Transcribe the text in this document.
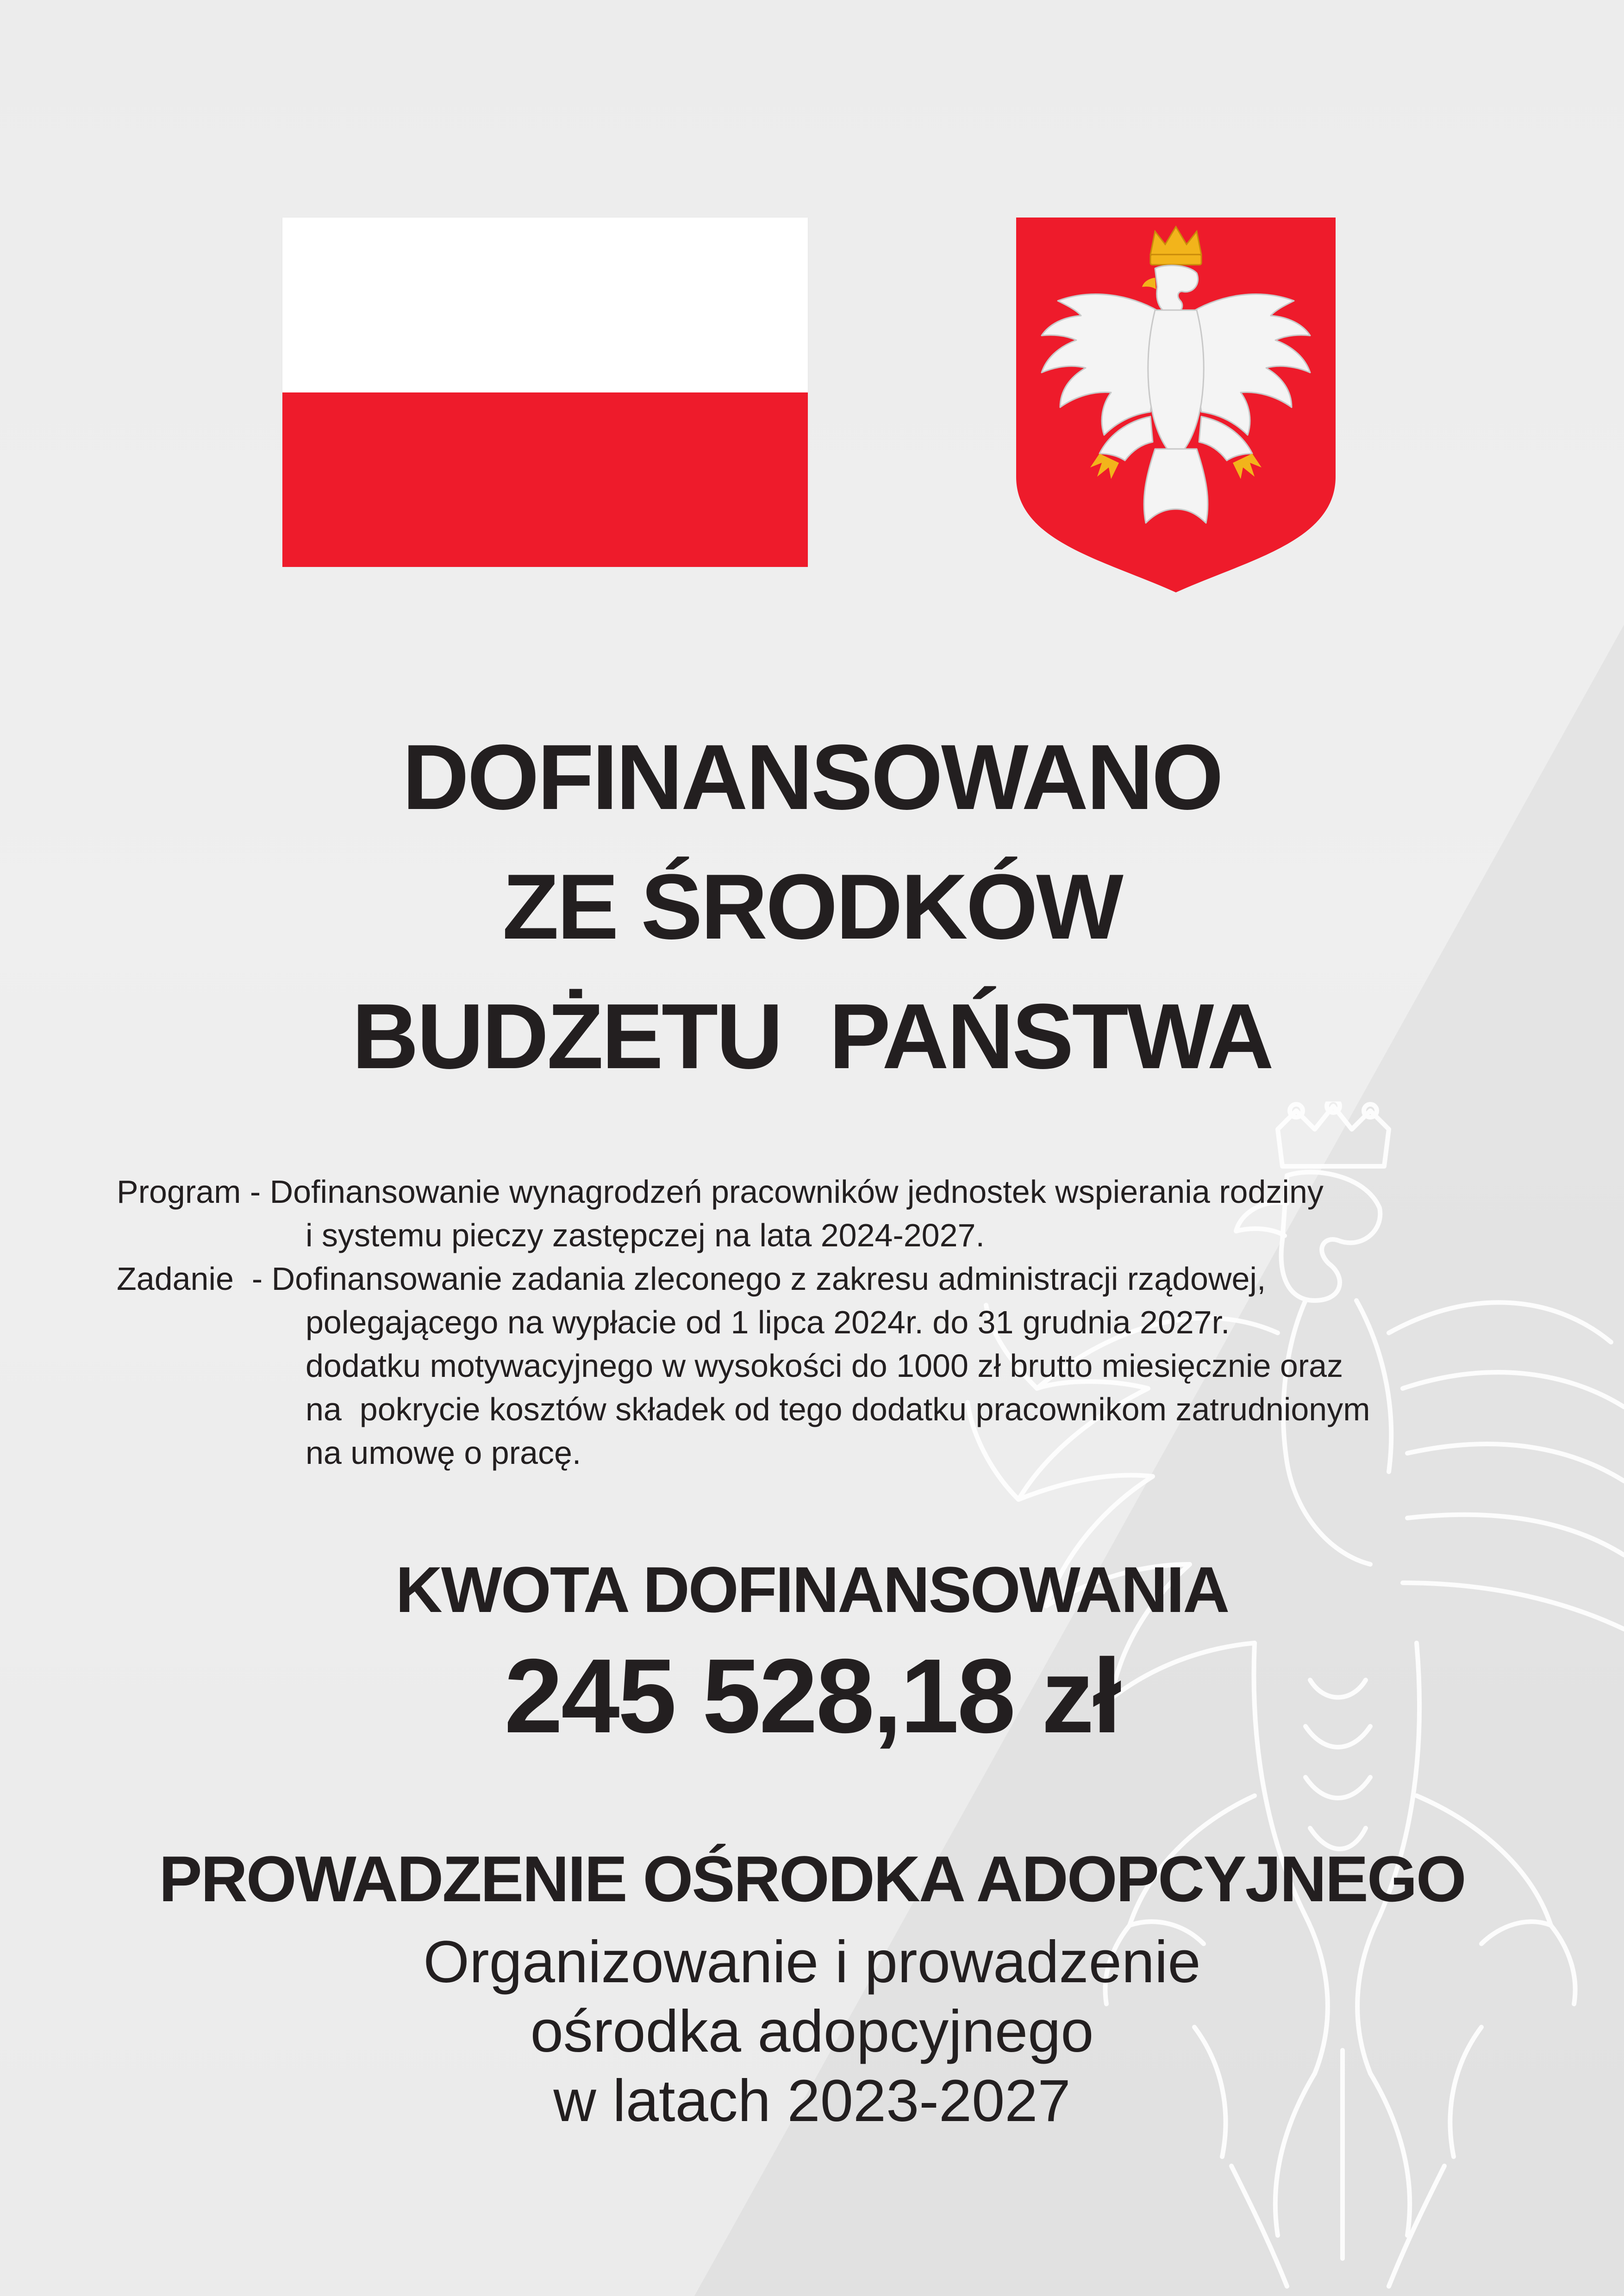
DOFINANSOWANO
ZE ŚRODKÓW
BUDŻETU  PAŃSTWA
Program - Dofinansowanie wynagrodzeń pracowników jednostek wspierania rodziny
i systemu pieczy zastępczej na lata 2024-2027.
Zadanie  - Dofinansowanie zadania zleconego z zakresu administracji rządowej,
polegającego na wypłacie od 1 lipca 2024r. do 31 grudnia 2027r.
dodatku motywacyjnego w wysokości do 1000 zł brutto miesięcznie oraz
na  pokrycie kosztów składek od tego dodatku pracownikom zatrudnionym
na umowę o pracę.
KWOTA DOFINANSOWANIA
245 528,18 zł
PROWADZENIE OŚRODKA ADOPCYJNEGO
Organizowanie i prowadzenie
ośrodka adopcyjnego
w latach 2023-2027
